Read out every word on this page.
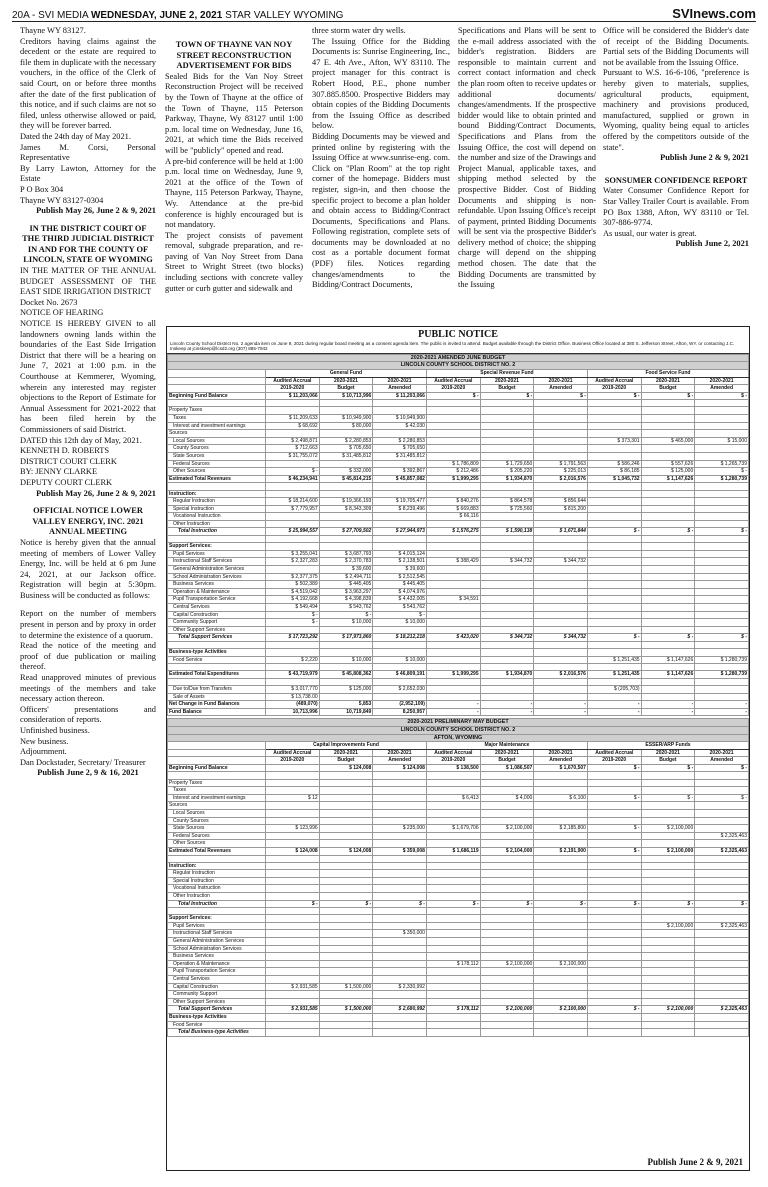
20A - SVI MEDIA WEDNESDAY, JUNE 2, 2021 STAR VALLEY WYOMING	SVInews.com

Thayne WY 83127.

Creditors having claims against the decedent or the estate are required to file them in duplicate with the necessary vouchers, in the office of the Clerk of said Court, on or before three months after the date of the first publication of this notice, and if such claims are not so filed, unless otherwise allowed or paid, they will be forever barred.

Dated the 24th day of May 2021.

James M. Corsi, Personal Representative

By Larry Lawton, Attorney for the Estate

P O Box 304

Thayne WY 83127-0304

Publish May 26, June 2 & 9, 2021

IN THE DISTRICT COURT OF THE THIRD JUDICIAL DISTRICT IN AND FOR THE COUNTY OF LINCOLN, STATE OF WYOMING

IN THE MATTER OF THE ANNUAL BUDGET ASSESSMENT OF THE EAST SIDE IRRIGATION DISTRICT

Docket No. 2673

NOTICE OF HEARING

NOTICE IS HEREBY GIVEN to all landowners owning lands within the boundaries of the East Side Irrigation District that there will be a hearing on June 7, 2021 at 1:00 p.m. in the Courthouse at Kemmerer, Wyoming, wherein any interested may register objections to the Report of Estimate for Annual Assessment for 2021-2022 that has been filed herein by the Commissioners of said District.

DATED this 12th day of May, 2021.

KENNETH D. ROBERTS

DISTRICT COURT CLERK

BY: JENNY CLARKE

DEPUTY COURT CLERK

Publish May 26, June 2 & 9, 2021

OFFICIAL NOTICE LOWER VALLEY ENERGY, INC. 2021 ANNUAL MEETING

Notice is hereby given that the annual meeting of members of Lower Valley Energy, Inc. will be held at 6 pm June 24, 2021, at our Jackson office. Registration will begin at 5:30pm. Business will be conducted as follows:

Report on the number of members present in person and by proxy in order to determine the existence of a quorum.

Read the notice of the meeting and proof of due publication or mailing thereof.

Read unapproved minutes of previous meetings of the members and take necessary action thereon.

Officers' presentations and consideration of reports.

Unfinished business.

New business.

Adjournment.

Dan Dockstader, Secretary/ Treasurer

Publish June 2, 9 & 16, 2021

TOWN OF THAYNE VAN NOY STREET RECONSTRUCTION ADVERTISEMENT FOR BIDS

Sealed Bids for the Van Noy Street Reconstruction Project will be received by the Town of Thayne at the office of the Town of Thayne, 115 Peterson Parkway, Thayne, Wy 83127 until 1:00 p.m. local time on Wednesday, June 16, 2021, at which time the Bids received will be "publicly" opened and read.

A pre-bid conference will be held at 1:00 p.m. local time on Wednesday, June 9, 2021 at the office of the Town of Thayne, 115 Peterson Parkway, Thayne, Wy. Attendance at the pre-bid conference is highly encouraged but is not mandatory.

The project consists of pavement removal, subgrade preparation, and re-paving of Van Noy Street from Dana Street to Wright Street (two blocks) including sections with concrete valley gutter or curb gutter and sidewalk and

three storm water dry wells.

The Issuing Office for the Bidding Documents is: Sunrise Engineering, Inc., 47 E. 4th Ave., Afton, WY 83110. The project manager for this contract is Robert Hood, P.E., phone number 307.885.8500. Prospective Bidders may obtain copies of the Bidding Documents from the Issuing Office as described below.

Bidding Documents may be viewed and printed online by registering with the Issuing Office at www.sunrise-eng. com. Click on "Plan Room" at the top right corner of the homepage. Bidders must register, sign-in, and then choose the specific project to become a plan holder and obtain access to Bidding/Contract Documents, Specifications and Plans. Following registration, complete sets of documents may be downloaded at no cost as a portable document format (PDF) files. Notices regarding changes/amendments to the Bidding/Contract Documents,

Specifications and Plans will be sent to the e-mail address associated with the bidder's registration. Bidders are responsible to maintain current and correct contact information and check the plan room often to receive updates or additional documents/ changes/amendments. If the prospective bidder would like to obtain printed and bound Bidding/Contract Documents, Specifications and Plans from the Issuing Office, the cost will depend on the number and size of the Drawings and Project Manual, applicable taxes, and shipping method selected by the prospective Bidder. Cost of Bidding Documents and shipping is non-refundable. Upon Issuing Office's receipt of payment, printed Bidding Documents will be sent via the prospective Bidder's delivery method of choice; the shipping charge will depend on the shipping method chosen. The date that the Bidding Documents are transmitted by the Issuing

Office will be considered the Bidder's date of receipt of the Bidding Documents. Partial sets of the Bidding Documents will not be available from the Issuing Office.

Pursuant to W.S. 16-6-106, "preference is hereby given to materials, supplies, agricultural products, equipment, machinery and provisions produced, manufactured, supplied or grown in Wyoming, quality being equal to articles offered by the competitors outside of the state".

Publish June 2 & 9, 2021

SONSUMER CONFIDENCE REPORT

Water Consumer Confidence Report for Star Valley Trailer Court is available. From PO Box 1388, Afton, WY 83110 or Tel. 307-886-9774.

As usual, our water is great.

Publish June 2, 2021

PUBLIC NOTICE
Lincoln County School District No. 2 agenda item on June 9, 2021 during regular board meeting as a consent agenda item. The public is invited to attend. Budget available through the District Office. Business Office located at 380 S. Jefferson Street, Afton, WY. or contacting J.C. Inskeep at jcinskeep@lcsd2.org (307) 885-7942
2020-2021 AMENDED JUNE BUDGET									
LINCOLN COUNTY SCHOOL DISTRICT NO. 2									
	General Fund			Special Revenue Fund			Food Service Fund		
	Audited Accrual	2020-2021	2020-2021	Audited Accrual	2020-2021	2020-2021	Audited Accrual	2020-2021	2020-2021
	2019-2020	Budget	Amended	2019-2020	Budget	Amended	2019-2020	Budget	Amended
Beginning Fund Balance	$ 11,203,066	$ 10,713,996	$ 11,203,066	$ -	$ -	$ -	$ -	$ -	$ -

Property Taxes									
Taxes	$ 11,209,633	$ 10,949,900	$ 10,949,900						
Interest and investment earnings	$ 68,692	$ 80,000	$ 42,030						
Sources									
Local Sources	$ 2,498,871	$ 2,280,853	$ 2,280,853				$ 373,301	$ 465,000	$ 15,000
County Sources	$ 712,663	$ 705,650	$ 705,650						
State Sources	$ 31,755,072	$ 31,485,812	$ 31,485,812						
Federal Sources				$ 1,786,809	$ 1,729,650	$ 1,791,563	$ 586,246	$ 557,626	$ 1,265,739
Other Sources	$ -	$ 332,000	$ 392,867	$ 212,486	$ 205,220	$ 225,013	$ 86,185	$ 125,000	$ -
Estimated Total Revenues	$ 46,234,941	$ 45,814,215	$ 45,857,082	$ 1,999,295	$ 1,934,870	$ 2,016,576	$ 1,045,732	$ 1,147,626	$ 1,280,739

Instruction:									
Regular Instruction	$ 18,214,600	$ 19,366,193	$ 19,705,477	$ 840,276	$ 864,578	$ 856,644			
Special Instruction	$ 7,779,957	$ 8,343,309	$ 8,239,496	$ 669,883	$ 725,560	$ 815,200			
Vocational Instruction				$ 66,116					
Other Instruction									
Total Instruction	$ 25,994,557	$ 27,709,502	$ 27,944,973	$ 1,576,275	$ 1,590,138	$ 1,671,844	$ -	$ -	$ -

Support Services:									
Pupil Services	$ 3,255,041	$ 3,687,793	$ 4,015,124						
Instructional Staff Services	$ 2,327,283	$ 2,370,783	$ 2,138,501	$ 388,429	$ 344,732	$ 344,732			
General Administration Services		$ 39,600	$ 39,600						
School Administration Services	$ 2,377,375	$ 2,494,711	$ 2,512,545						
Business Services	$ 502,389	$ 445,405	$ 445,405						
Operation & Maintenance	$ 4,519,042	$ 3,963,297	$ 4,074,976						
Pupil Transportation Service	$ 4,192,668	$ 4,398,839	$ 4,432,005	$ 34,591					
Central Services	$ 549,494	$ 543,762	$ 543,762						
Capital Construction	$ -	$ -	$ -						
Community Support	$ -	$ 10,000	$ 10,000						
Other Support Services									
Total Support Services	$ 17,723,292	$ 17,973,860	$ 18,212,218	$ 423,020	$ 344,732	$ 344,732	$ -	$ -	$ -

Business-type Activities									
Food Service	$ 2,220	$ 10,000	$ 10,000				$ 1,251,435	$ 1,147,626	$ 1,280,739

Estimated Total Expenditures	$ 43,719,979	$ 45,808,362	$ 46,809,191	$ 1,999,295	$ 1,934,870	$ 2,016,576	$ 1,251,435	$ 1,147,626	$ 1,280,739

Due to/Due from Transfers	$ 3,017,770	$ 125,000	$ 2,652,030				$ (205,703)		
Sale of Assets	$ 13,738.00								
Net Change in Fund Balances	(489,070)	5,853	(2,952,109)	-	-	-	-	-	-
Fund Balance	10,713,996	10,719,849	8,250,957	-	-	-	-	-	-
2020-2021 PRELIMINARY MAY BUDGET									
LINCOLN COUNTY SCHOOL DISTRICT NO. 2									
AFTON, WYOMING									
	Capital Improvements Fund			Major Maintenance			ESSER/ARP Funds		
	Audited Accrual	2020-2021	2020-2021	Audited Accrual	2020-2021	2020-2021	Audited Accrual	2020-2021	2020-2021
	2019-2020	Budget	Amended	2019-2020	Budget	Amended	2019-2020	Budget	Amended
Beginning Fund Balance		$ 124,008	$ 124,008	$ 138,500	$ 1,086,507	$ 1,670,507	$ -	$ -	$ -

Property Taxes									
Taxes									
Interest and investment earnings	$ 12			$ 6,413	$ 4,000	$ 6,100	$ -	$ -	$ -
Sources									
Local Sources									
County Sources									
State Sources	$ 123,996		$ 235,000	$ 1,679,706	$ 2,100,000	$ 2,185,800	$ -	$ 2,100,000	
Federal Sources									$ 2,325,463
Other Sources									
Estimated Total Revenues	$ 124,008	$ 124,008	$ 359,008	$ 1,686,119	$ 2,104,000	$ 2,191,900	$ -	$ 2,100,000	$ 2,325,463

Instruction:									
Regular Instruction									
Special Instruction									
Vocational Instruction									
Other Instruction									
Total Instruction	$ -	$ -	$ -	$ -	$ -	$ -	$ -	$ -	$ -

Support Services:									
Pupil Services								$ 2,100,000	$ 2,325,463
Instructional Staff Services			$ 350,000						
General Administration Services									
School Administration Services									
Business Services									
Operation & Maintenance				$ 178,112	$ 2,100,000	$ 2,100,000			
Pupil Transportation Service									
Central Services									
Capital Construction	$ 2,931,585	$ 1,500,000	$ 2,330,992						
Community Support									
Other Support Services									
Total Support Services	$ 2,931,585	$ 1,500,000	$ 2,680,992	$ 178,112	$ 2,100,000	$ 2,100,000	$ -	$ 2,100,000	$ 2,325,463
Business-type Activities									
Food Service									
Total Business-type Activities									
Publish June 2 & 9, 2021
